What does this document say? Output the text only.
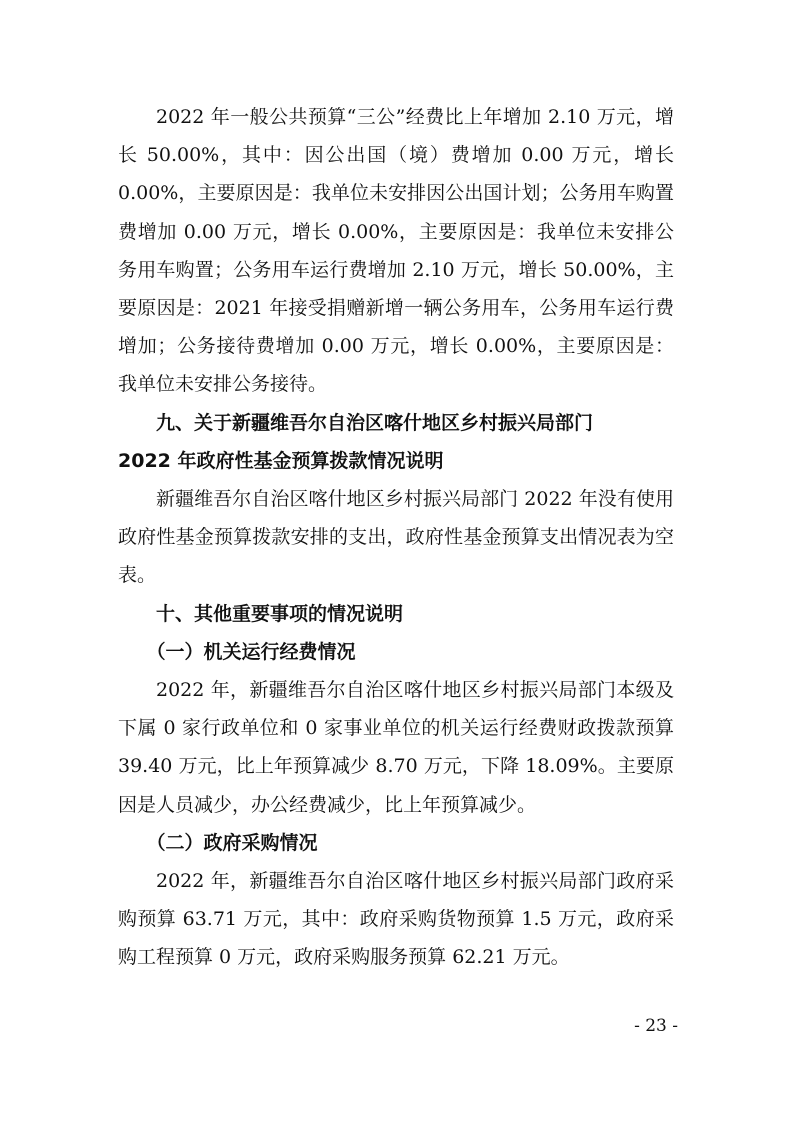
2022 年一般公共预算“三公”经费比上年增加 2.10 万元，增长 50.00%，其中：因公出国（境）费增加 0.00 万元，增长 0.00%，主要原因是：我单位未安排因公出国计划；公务用车购置费增加 0.00 万元，增长 0.00%，主要原因是：我单位未安排公务用车购置；公务用车运行费增加 2.10 万元，增长 50.00%，主要原因是：2021 年接受捐赠新增一辆公务用车，公务用车运行费增加；公务接待费增加 0.00 万元，增长 0.00%，主要原因是：我单位未安排公务接待。

九、关于新疆维吾尔自治区喀什地区乡村振兴局部门
2022 年政府性基金预算拨款情况说明

新疆维吾尔自治区喀什地区乡村振兴局部门 2022 年没有使用政府性基金预算拨款安排的支出，政府性基金预算支出情况表为空表。

十、其他重要事项的情况说明

（一）机关运行经费情况

2022 年，新疆维吾尔自治区喀什地区乡村振兴局部门本级及下属 0 家行政单位和 0 家事业单位的机关运行经费财政拨款预算 39.40 万元，比上年预算减少 8.70 万元，下降 18.09%。主要原因是人员减少，办公经费减少，比上年预算减少。

（二）政府采购情况

2022 年，新疆维吾尔自治区喀什地区乡村振兴局部门政府采购预算 63.71 万元，其中：政府采购货物预算 1.5 万元，政府采购工程预算 0 万元，政府采购服务预算 62.21 万元。

- 23 -
